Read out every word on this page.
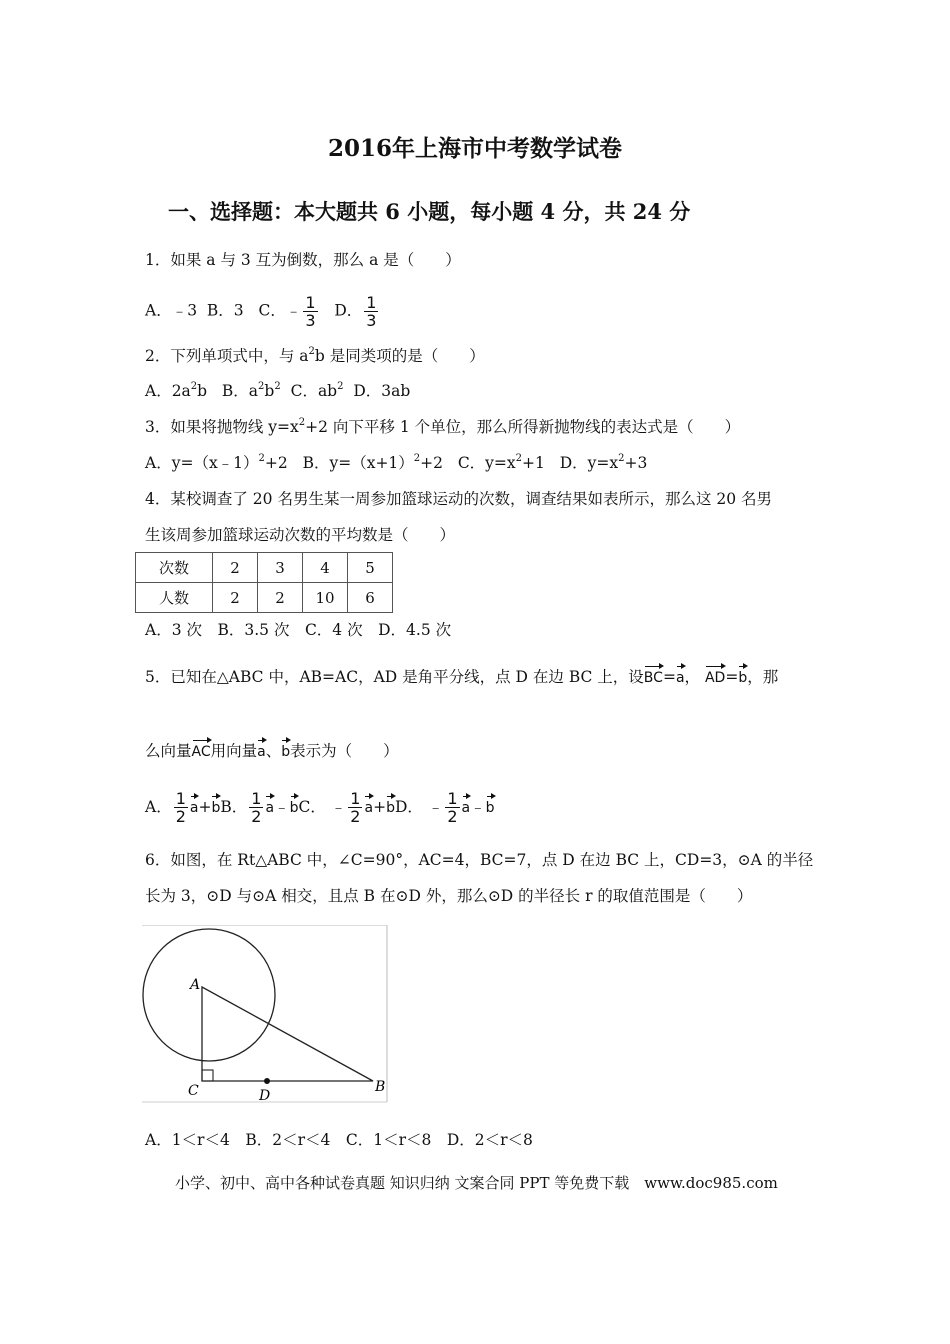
2016年上海市中考数学试卷
一、选择题：本大题共 6 小题，每小题 4 分，共 24 分
1．如果 a 与 3 互为倒数，那么 a 是（　　）
A．﹣3 B．3 C．﹣ $\frac{1}{3}$ D． $\frac{1}{3}$
2．下列单项式中，与 $a^2b$ 是同类项的是（　　）
A．$2a^2b$ B．$a^2b^2$ C．$ab^2$ D．3ab
3．如果将抛物线 $y=x^2+2$ 向下平移 1 个单位，那么所得新抛物线的表达式是（　　）
A．y=（x﹣1）$^2$+2 B．$y=(x+1)^2+2$ C．$y=x^2+1$ D．$y=x^2+3$
4．某校调查了 20 名男生某一周参加篮球运动的次数，调查结果如表所示，那么这 20 名男
生该周参加篮球运动次数的平均数是（　　）
次数	2	3	4	5
人数	2	2	10	6
A．3 次　B．3.5 次　C．4 次　D．4.5 次
5．已知在△ABC 中，AB=AC，AD 是角平分线，点 D 在边 BC 上，设BC=a， AD=b，那
么向量AC用向量a、b表示为（　　）
A． $\frac{1}{2} a+bB$． $\frac{1}{2}$ a﹣bC． ﹣ $\frac{1}{2} a+bD$． ﹣ $\frac{1}{2}$ a﹣b
6．如图，在 Rt△ABC 中，∠C=90°，AC=4，BC=7，点 D 在边 BC 上，CD=3，⊙A 的半径
长为 3，⊙D 与⊙A 相交，且点 B 在⊙D 外，那么⊙D 的半径长 r 的取值范围是（　　）
A
C	D
B
A．1＜r＜4　B．2＜r＜4　C．1＜r＜8　D．2＜r＜8
小学、初中、高中各种试卷真题 知识归纳 文案合同 PPT 等免费下载　www.doc985.com
